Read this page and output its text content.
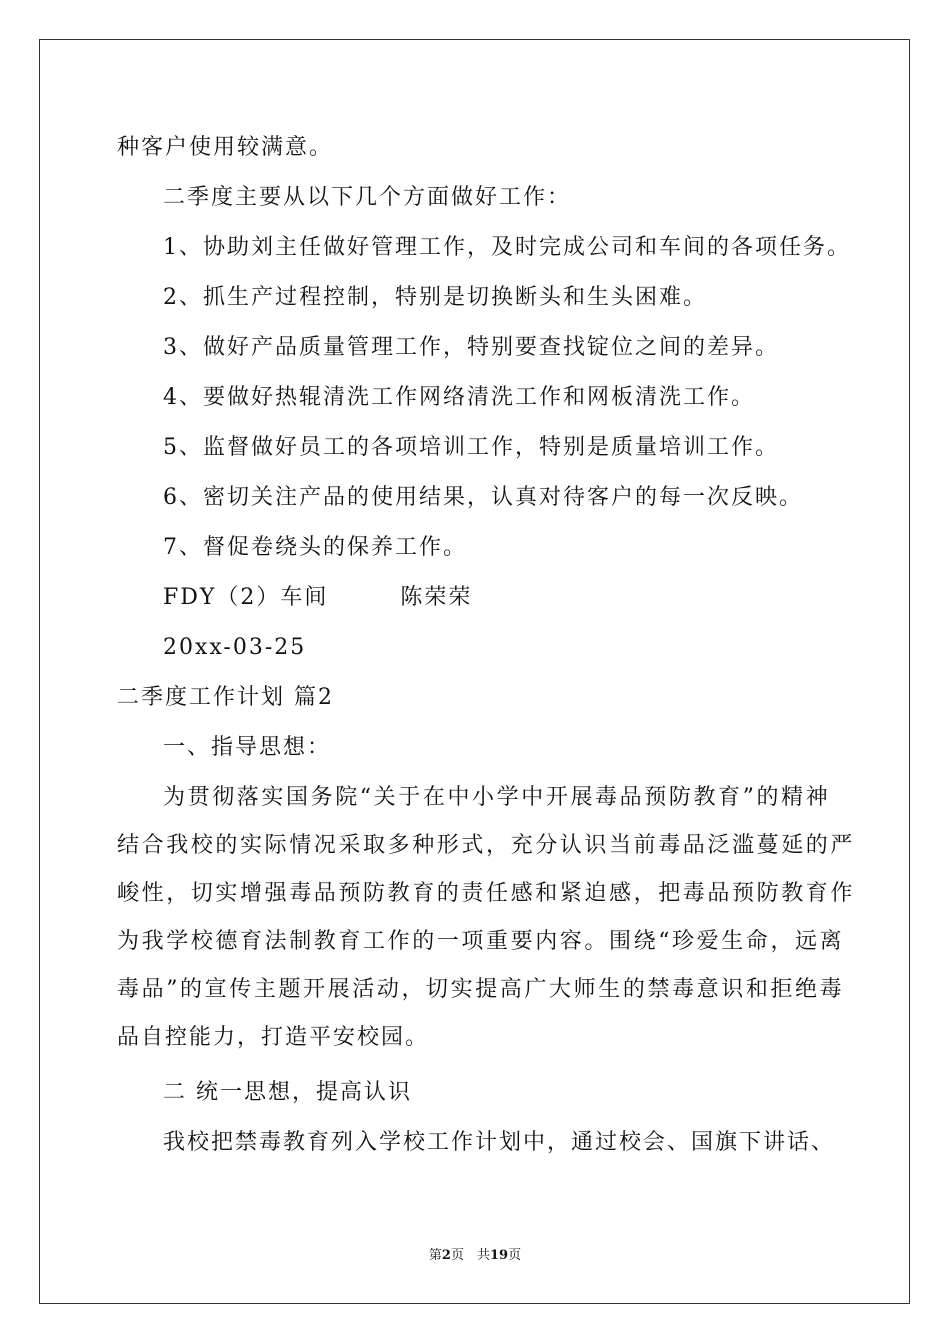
种客户使用较满意。
二季度主要从以下几个方面做好工作：
1、协助刘主任做好管理工作，及时完成公司和车间的各项任务。
2、抓生产过程控制，特别是切换断头和生头困难。
3、做好产品质量管理工作，特别要查找锭位之间的差异。
4、要做好热辊清洗工作网络清洗工作和网板清洗工作。
5、监督做好员工的各项培训工作，特别是质量培训工作。
6、密切关注产品的使用结果，认真对待客户的每一次反映。
7、督促卷绕头的保养工作。
FDY（2）车间　　　陈荣荣
20xx-03-25
二季度工作计划 篇2
一、指导思想：
为贯彻落实国务院“关于在中小学中开展毒品预防教育”的精神
结合我校的实际情况采取多种形式，充分认识当前毒品泛滥蔓延的严
峻性，切实增强毒品预防教育的责任感和紧迫感，把毒品预防教育作
为我学校德育法制教育工作的一项重要内容。围绕“珍爱生命，远离
毒品”的宣传主题开展活动，切实提高广大师生的禁毒意识和拒绝毒
品自控能力，打造平安校园。
二 统一思想，提高认识
我校把禁毒教育列入学校工作计划中，通过校会、国旗下讲话、
第2页　共19页
